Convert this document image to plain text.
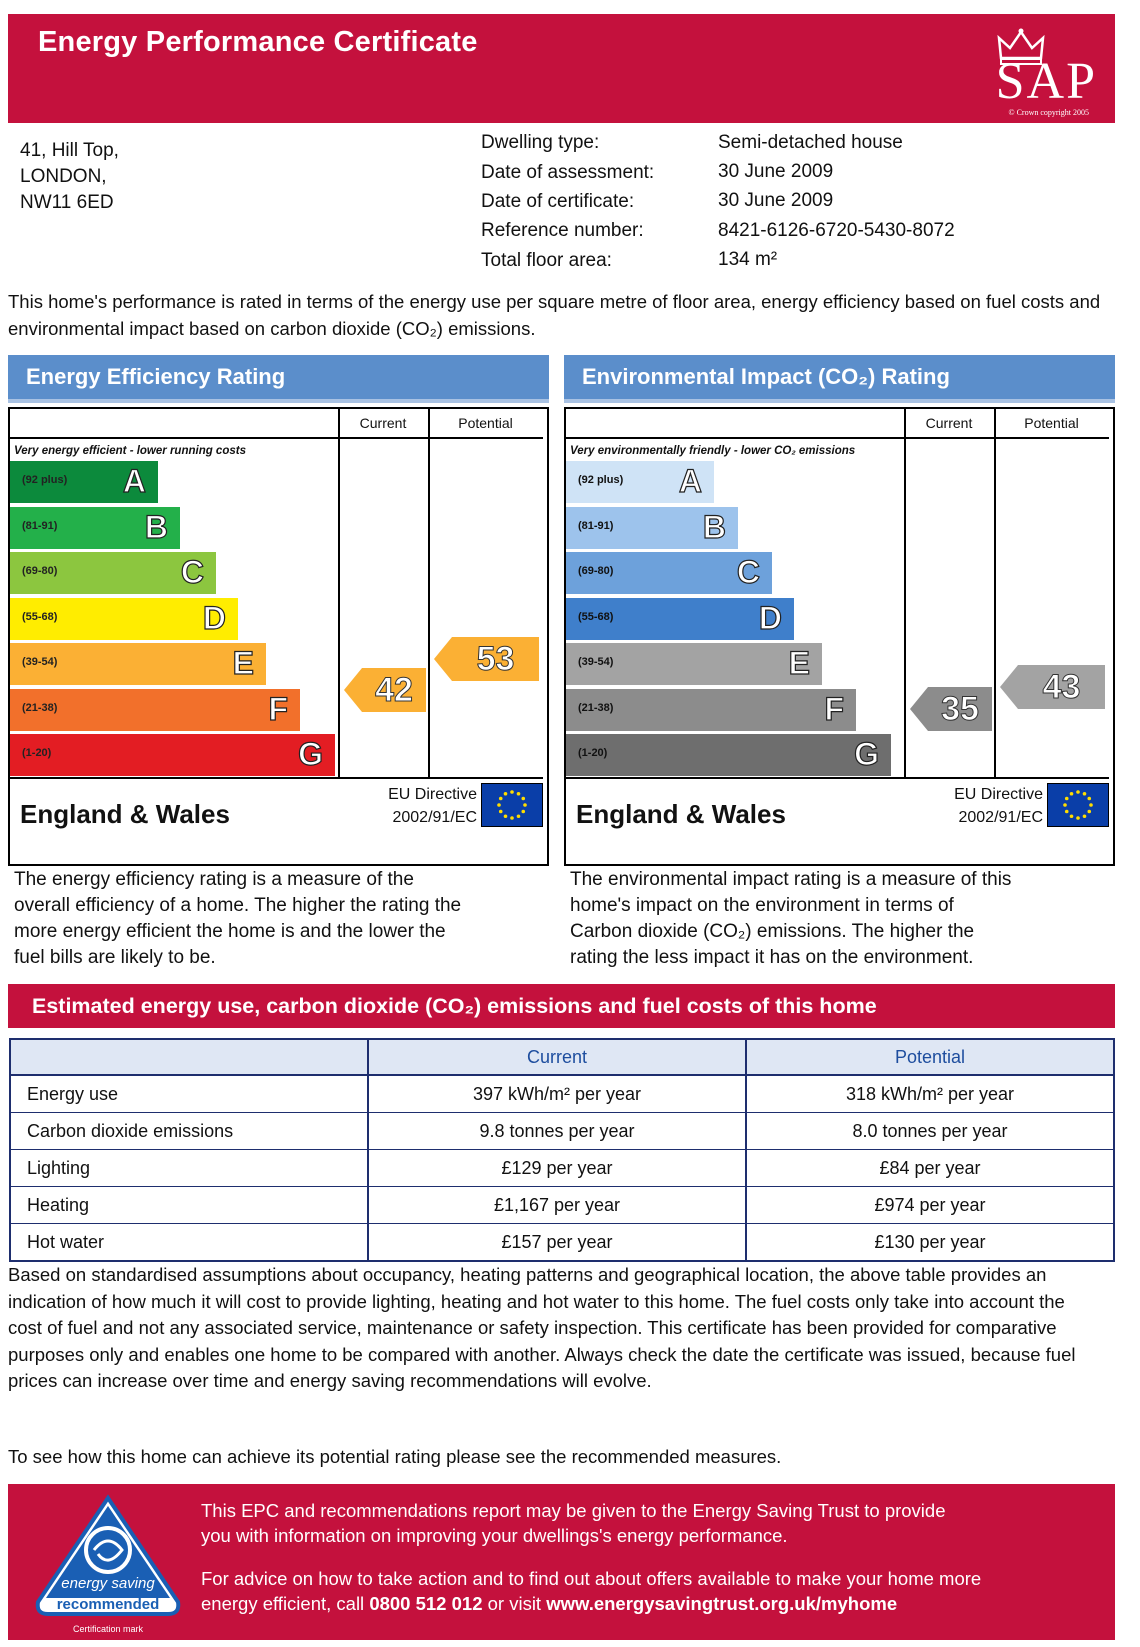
Energy Performance Certificate
SAP
© Crown copyright 2005
41, Hill Top,
LONDON,
NW11 6ED
Dwelling type:	Semi-detached house
Date of assessment:	30 June 2009
Date of certificate:	30 June 2009
Reference number:	8421-6126-6720-5430-8072
Total floor area:	134 m²
This home's performance is rated in terms of the energy use per square metre of floor area, energy efficiency based on fuel costs and environmental impact based on carbon dioxide (CO₂) emissions.
Energy Efficiency Rating
Current	Potential
Very energy efficient - lower running costs
(92 plus) A
(81-91)	B
(69-80)	C
(55-68)	D
(39-54)	E
(21-38)	F
(1-20)	G
42
53
England & Wales
EU Directive
2002/91/EC
Environmental Impact (CO₂) Rating
Current	Potential
Very environmentally friendly - lower CO₂ emissions
(92 plus) A
(81-91)	B
(69-80)	C
(55-68)	D
(39-54)	E
(21-38)	F
(1-20)	G
35
43
England & Wales
EU Directive
2002/91/EC
The energy efficiency rating is a measure of the
overall efficiency of a home. The higher the rating the
more energy efficient the home is and the lower the
fuel bills are likely to be.
The environmental impact rating is a measure of this
home's impact on the environment in terms of
Carbon dioxide (CO₂) emissions. The higher the
rating the less impact it has on the environment.
Estimated energy use, carbon dioxide (CO₂) emissions and fuel costs of this home
	Current	Potential
Energy use	397 kWh/m² per year	318 kWh/m² per year
Carbon dioxide emissions	9.8 tonnes per year	8.0 tonnes per year
Lighting	£129 per year	£84 per year
Heating	£1,167 per year	£974 per year
Hot water	£157 per year	£130 per year
Based on standardised assumptions about occupancy, heating patterns and geographical location, the above table provides an indication of how much it will cost to provide lighting, heating and hot water to this home. The fuel costs only take into account the cost of fuel and not any associated service, maintenance or safety inspection. This certificate has been provided for comparative purposes only and enables one home to be compared with another. Always check the date the certificate was issued, because fuel prices can increase over time and energy saving recommendations will evolve.
To see how this home can achieve its potential rating please see the recommended measures.
energy saving
recommended
Certification mark
This EPC and recommendations report may be given to the Energy Saving Trust to provide
you with information on improving your dwellings's energy performance.
For advice on how to take action and to find out about offers available to make your home more
energy efficient, call 0800 512 012 or visit www.energysavingtrust.org.uk/myhome
